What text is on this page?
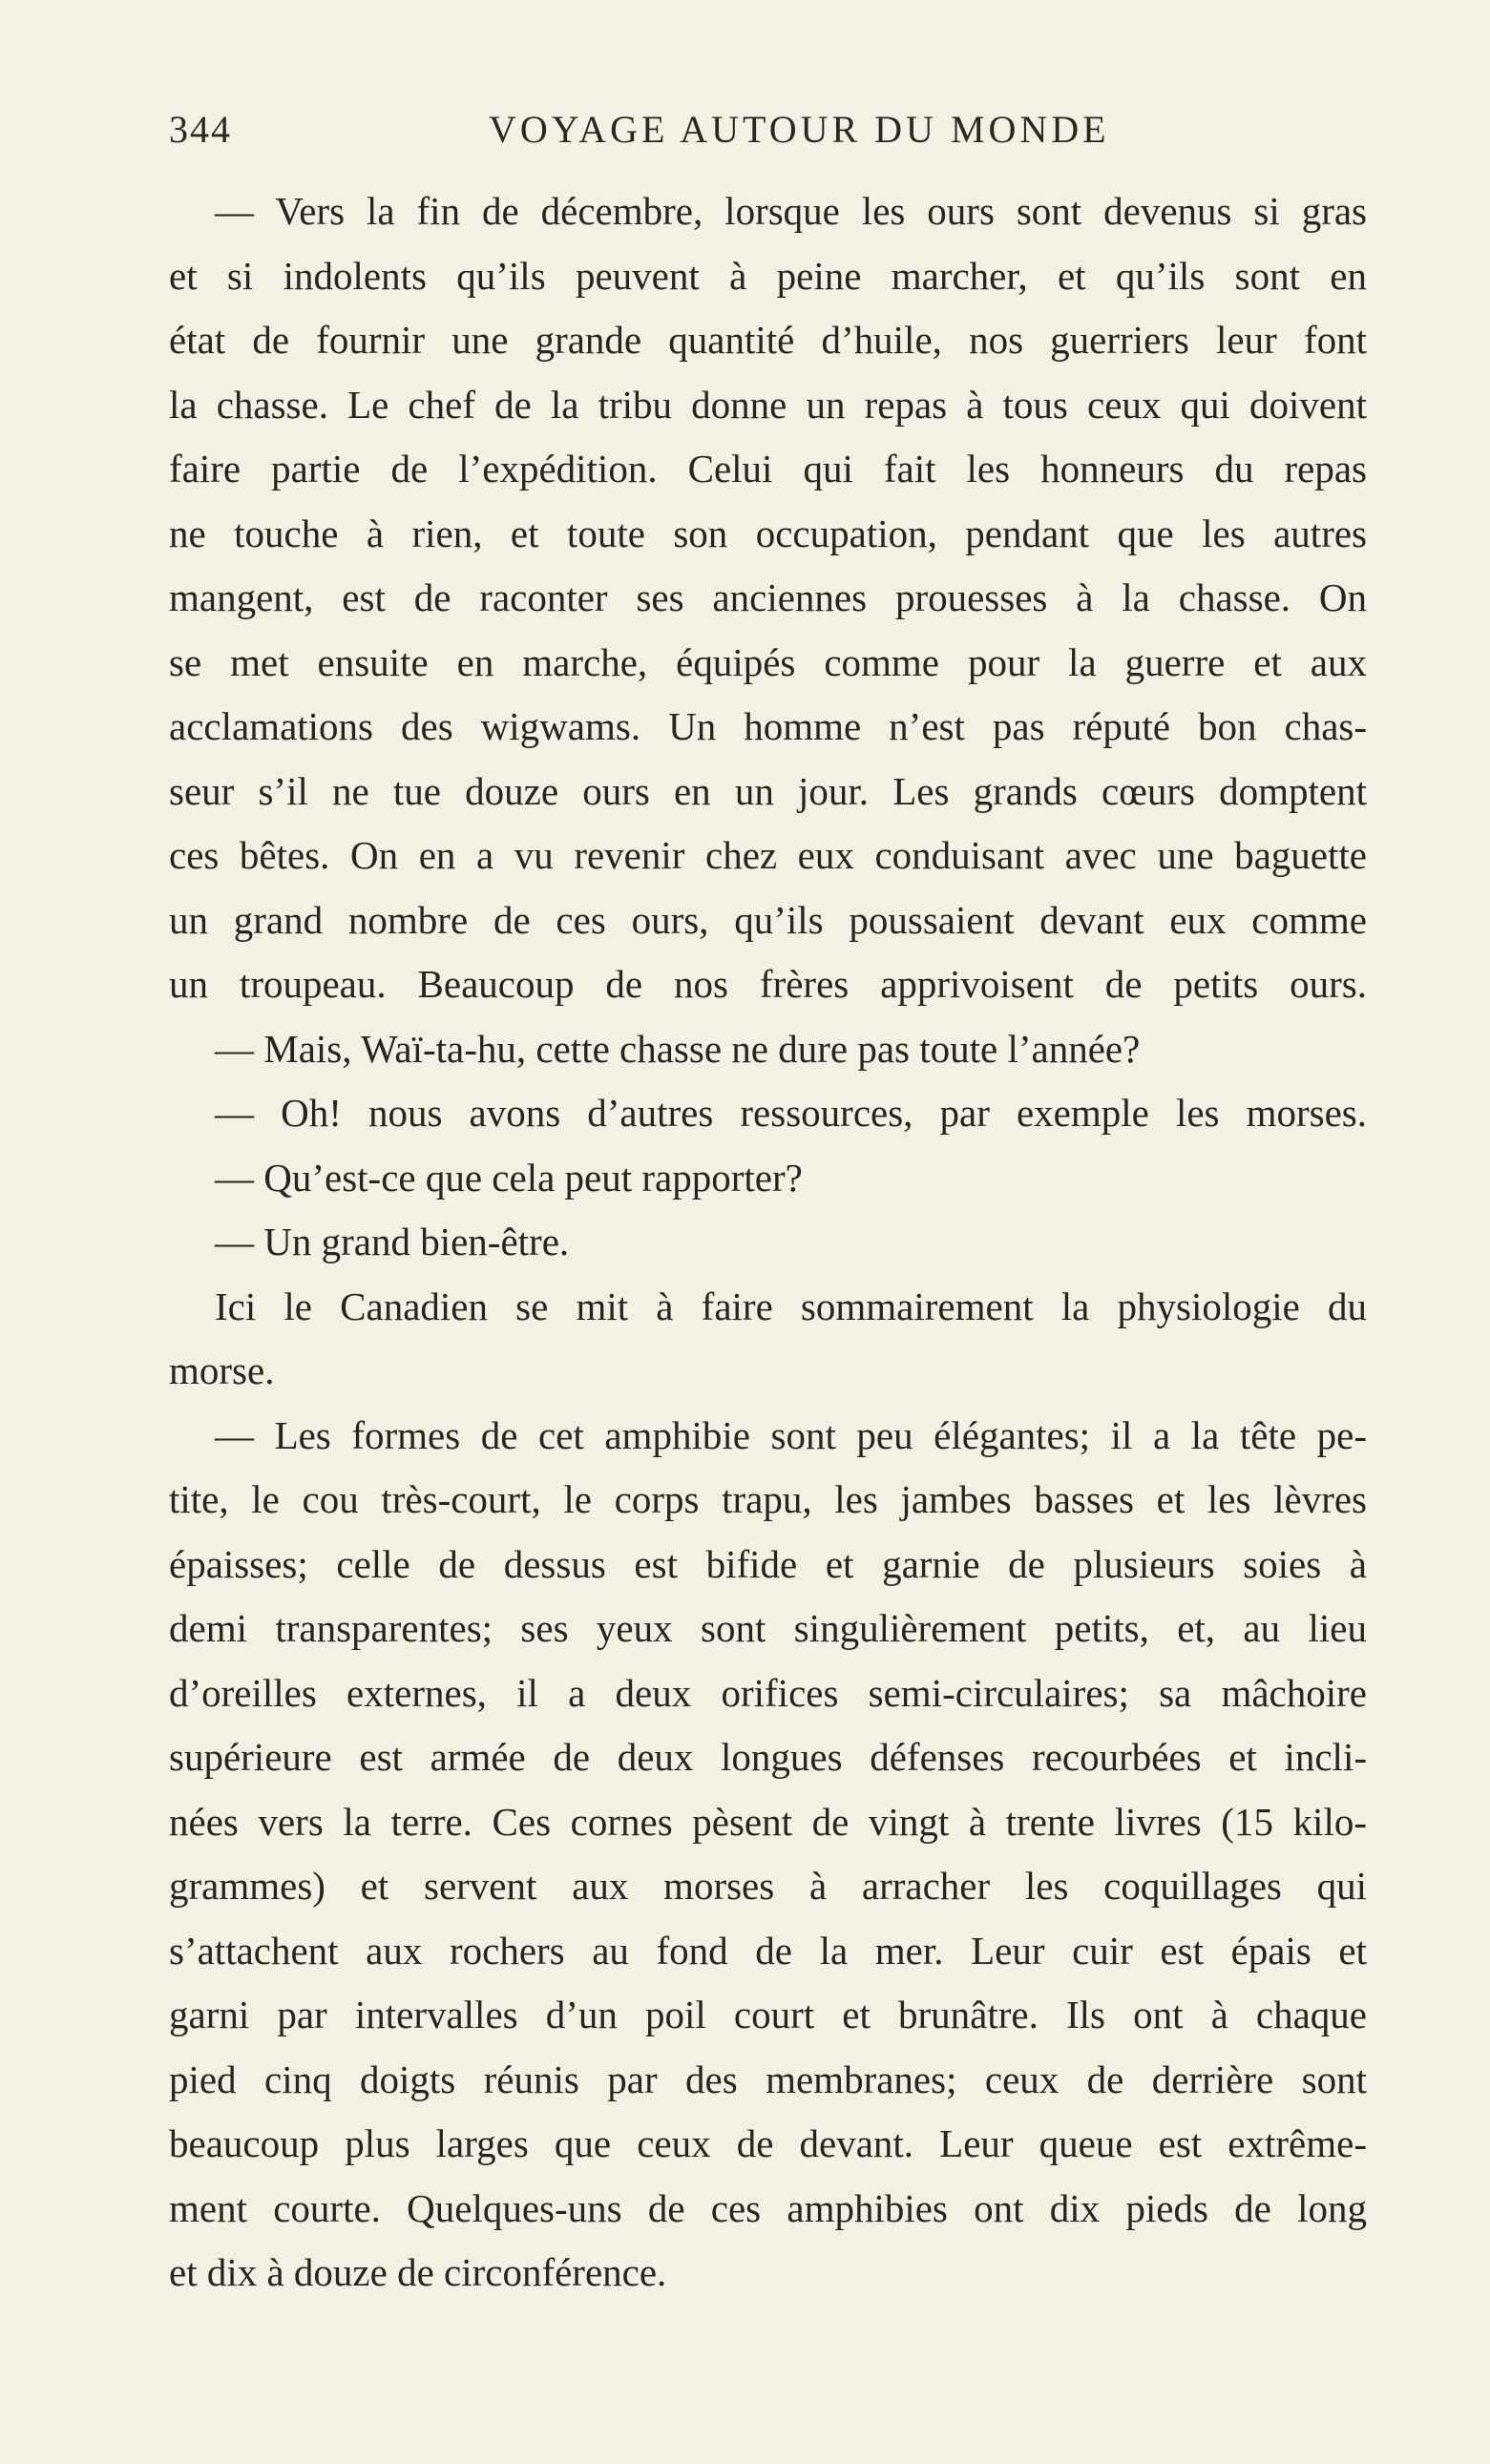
344	VOYAGE AUTOUR DU MONDE
— Vers la fin de décembre, lorsque les ours sont devenus si gras
et si indolents qu’ils peuvent à peine marcher, et qu’ils sont en
état de fournir une grande quantité d’huile, nos guerriers leur font
la chasse. Le chef de la tribu donne un repas à tous ceux qui doivent
faire partie de l’expédition. Celui qui fait les honneurs du repas
ne touche à rien, et toute son occupation, pendant que les autres
mangent, est de raconter ses anciennes prouesses à la chasse. On
se met ensuite en marche, équipés comme pour la guerre et aux
acclamations des wigwams. Un homme n’est pas réputé bon chas-
seur s’il ne tue douze ours en un jour. Les grands cœurs domptent
ces bêtes. On en a vu revenir chez eux conduisant avec une baguette
un grand nombre de ces ours, qu’ils poussaient devant eux comme
un troupeau. Beaucoup de nos frères apprivoisent de petits ours.
— Mais, Waï-ta-hu, cette chasse ne dure pas toute l’année?
— Oh! nous avons d’autres ressources, par exemple les morses.
— Qu’est-ce que cela peut rapporter?
— Un grand bien-être.
Ici le Canadien se mit à faire sommairement la physiologie du
morse.
— Les formes de cet amphibie sont peu élégantes; il a la tête pe-
tite, le cou très-court, le corps trapu, les jambes basses et les lèvres
épaisses; celle de dessus est bifide et garnie de plusieurs soies à
demi transparentes; ses yeux sont singulièrement petits, et, au lieu
d’oreilles externes, il a deux orifices semi-circulaires; sa mâchoire
supérieure est armée de deux longues défenses recourbées et incli-
nées vers la terre. Ces cornes pèsent de vingt à trente livres (15 kilo-
grammes) et servent aux morses à arracher les coquillages qui
s’attachent aux rochers au fond de la mer. Leur cuir est épais et
garni par intervalles d’un poil court et brunâtre. Ils ont à chaque
pied cinq doigts réunis par des membranes; ceux de derrière sont
beaucoup plus larges que ceux de devant. Leur queue est extrême-
ment courte. Quelques-uns de ces amphibies ont dix pieds de long
et dix à douze de circonférence.
